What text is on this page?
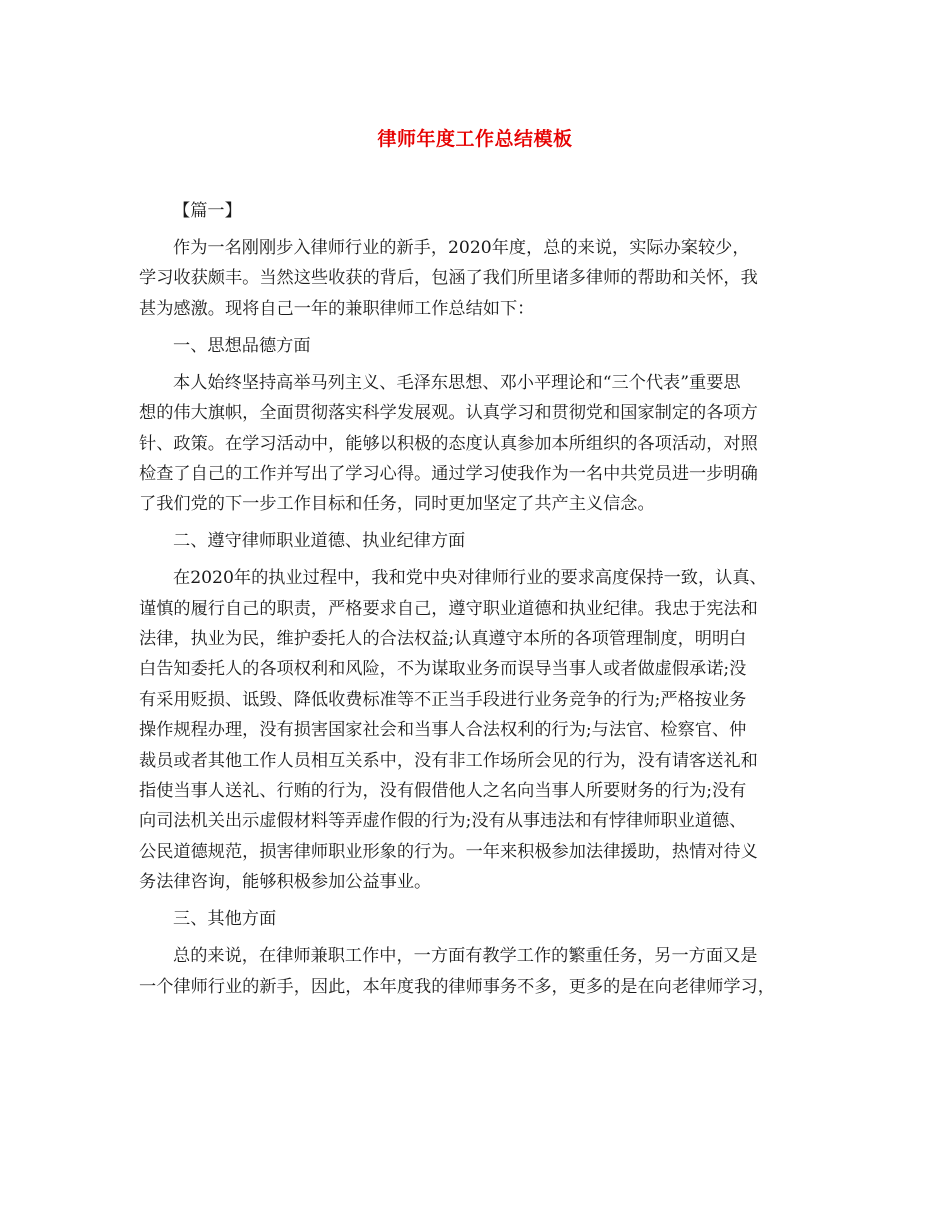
律师年度工作总结模板
【篇一】
作为一名刚刚步入律师行业的新手，2020年度，总的来说，实际办案较少，
学习收获颇丰。当然这些收获的背后，包涵了我们所里诸多律师的帮助和关怀，我
甚为感激。现将自己一年的兼职律师工作总结如下：
一、思想品德方面
本人始终坚持高举马列主义、毛泽东思想、邓小平理论和“三个代表”重要思
想的伟大旗帜，全面贯彻落实科学发展观。认真学习和贯彻党和国家制定的各项方
针、政策。在学习活动中，能够以积极的态度认真参加本所组织的各项活动，对照
检查了自己的工作并写出了学习心得。通过学习使我作为一名中共党员进一步明确
了我们党的下一步工作目标和任务，同时更加坚定了共产主义信念。
二、遵守律师职业道德、执业纪律方面
在2020年的执业过程中，我和党中央对律师行业的要求高度保持一致，认真、
谨慎的履行自己的职责，严格要求自己，遵守职业道德和执业纪律。我忠于宪法和
法律，执业为民，维护委托人的合法权益;认真遵守本所的各项管理制度，明明白
白告知委托人的各项权利和风险，不为谋取业务而误导当事人或者做虚假承诺;没
有采用贬损、诋毁、降低收费标准等不正当手段进行业务竞争的行为;严格按业务
操作规程办理，没有损害国家社会和当事人合法权利的行为;与法官、检察官、仲
裁员或者其他工作人员相互关系中，没有非工作场所会见的行为，没有请客送礼和
指使当事人送礼、行贿的行为，没有假借他人之名向当事人所要财务的行为;没有
向司法机关出示虚假材料等弄虚作假的行为;没有从事违法和有悖律师职业道德、
公民道德规范，损害律师职业形象的行为。一年来积极参加法律援助，热情对待义
务法律咨询，能够积极参加公益事业。
三、其他方面
总的来说，在律师兼职工作中，一方面有教学工作的繁重任务，另一方面又是
一个律师行业的新手，因此，本年度我的律师事务不多，更多的是在向老律师学习，
